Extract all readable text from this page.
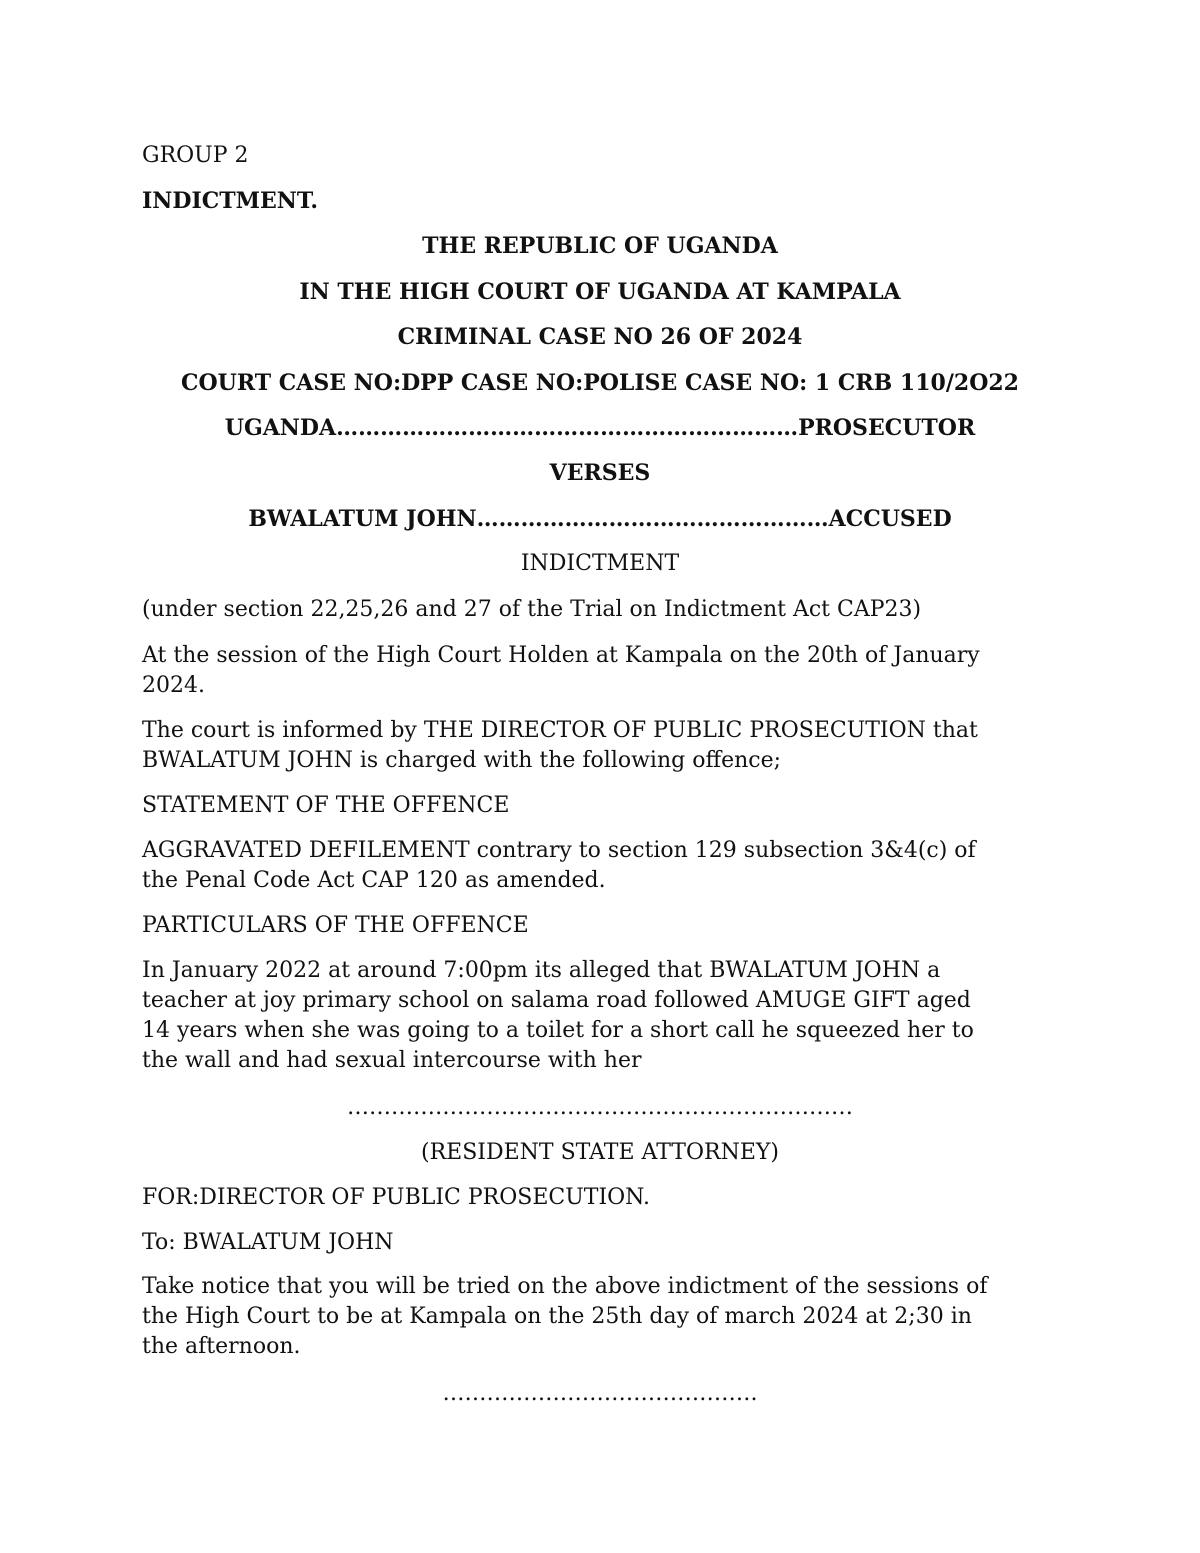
GROUP 2

INDICTMENT.

THE REPUBLIC OF UGANDA

IN THE HIGH COURT OF UGANDA AT KAMPALA

CRIMINAL CASE NO 26 OF 2024

COURT CASE NO:DPP CASE NO:POLISE CASE NO: 1 CRB 110/2O22

UGANDA………………………………………………………PROSECUTOR

VERSES

BWALATUM JOHN…………………………………………ACCUSED

INDICTMENT

(under section 22,25,26 and 27 of the Trial on Indictment Act CAP23)

At the session of the High Court Holden at Kampala on the 20th of January

2024.

The court is informed by THE DIRECTOR OF PUBLIC PROSECUTION that

BWALATUM JOHN is charged with the following offence;

STATEMENT OF THE OFFENCE

AGGRAVATED DEFILEMENT contrary to section 129 subsection 3&4(c) of

the Penal Code Act CAP 120 as amended.

PARTICULARS OF THE OFFENCE

In January 2022 at around 7:00pm its alleged that BWALATUM JOHN a

teacher at joy primary school on salama road followed AMUGE GIFT aged

14 years when she was going to a toilet for a short call he squeezed her to

the wall and had sexual intercourse with her

……………………………………………………………

(RESIDENT STATE ATTORNEY)

FOR:DIRECTOR OF PUBLIC PROSECUTION.

To: BWALATUM JOHN

Take notice that you will be tried on the above indictment of the sessions of

the High Court to be at Kampala on the 25th day of march 2024 at 2;30 in

the afternoon.

…………………………………….
